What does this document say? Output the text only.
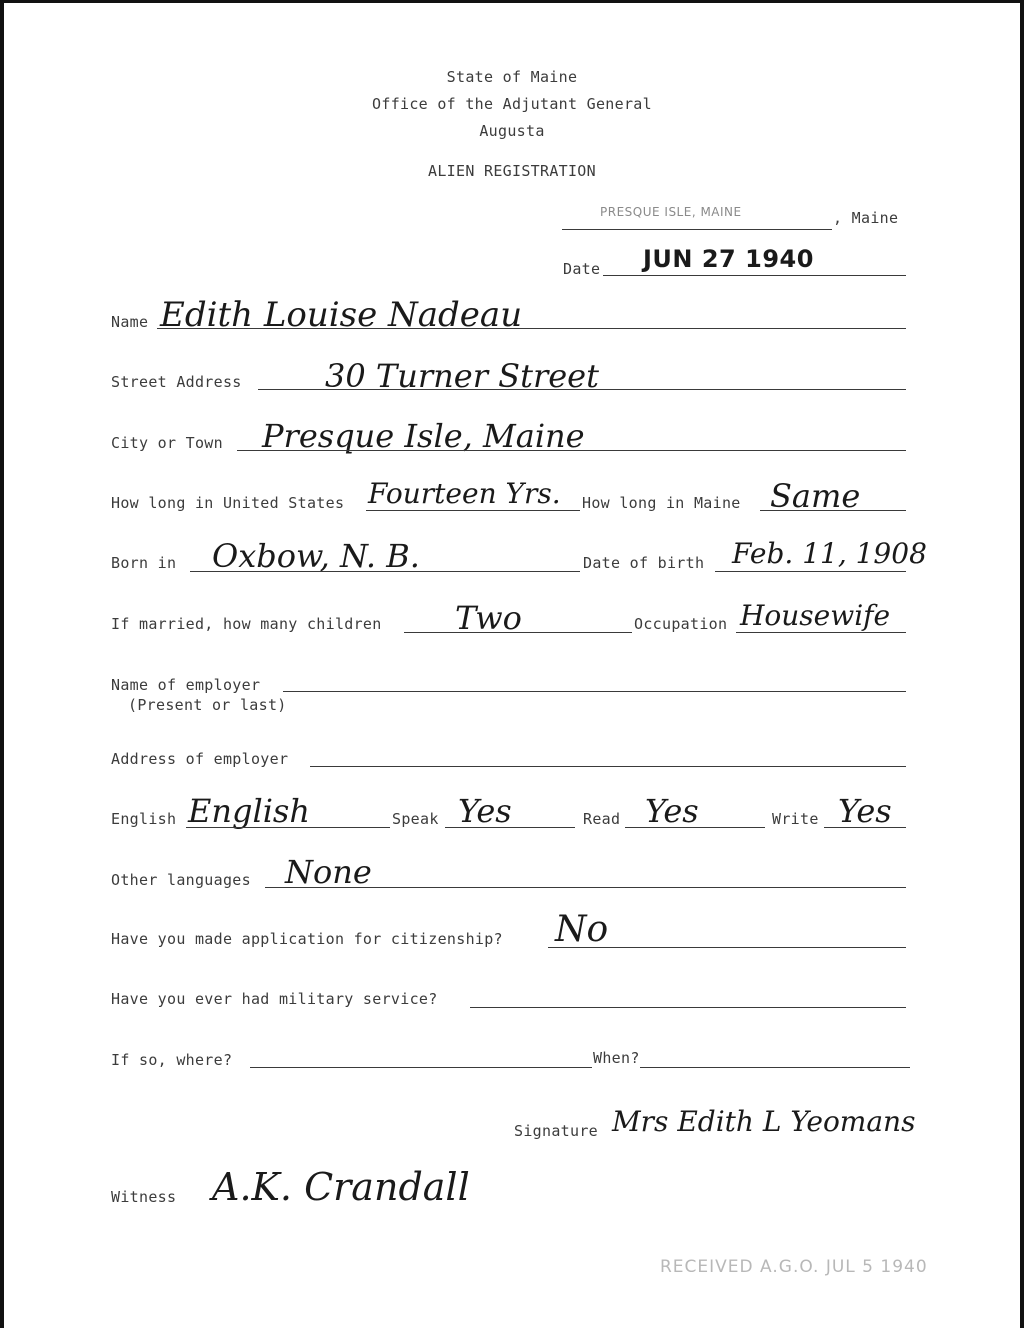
State of Maine
Office of the Adjutant General
Augusta
ALIEN REGISTRATION
PRESQUE ISLE, MAINE	, Maine
Date JUN 27 1940
Name Edith Louise Nadeau
Street Address	30 Turner Street
City or Town Presque Isle, Maine
How long in United States Fourteen Yrs. How long in Maine Same
Born in Oxbow, N. B.	Date of birth Feb. 11, 1908
If married, how many children Two	Occupation Housewife
Name of employer
(Present or last)
Address of employer
English English	Speak Yes	Read Yes	Write Yes
Other languages None
Have you made application for citizenship? No
Have you ever had military service?
If so, where?	When?
Signature Mrs Edith L Yeomans
Witness A.K. Crandall
RECEIVED A.G.O. JUL 5 1940
